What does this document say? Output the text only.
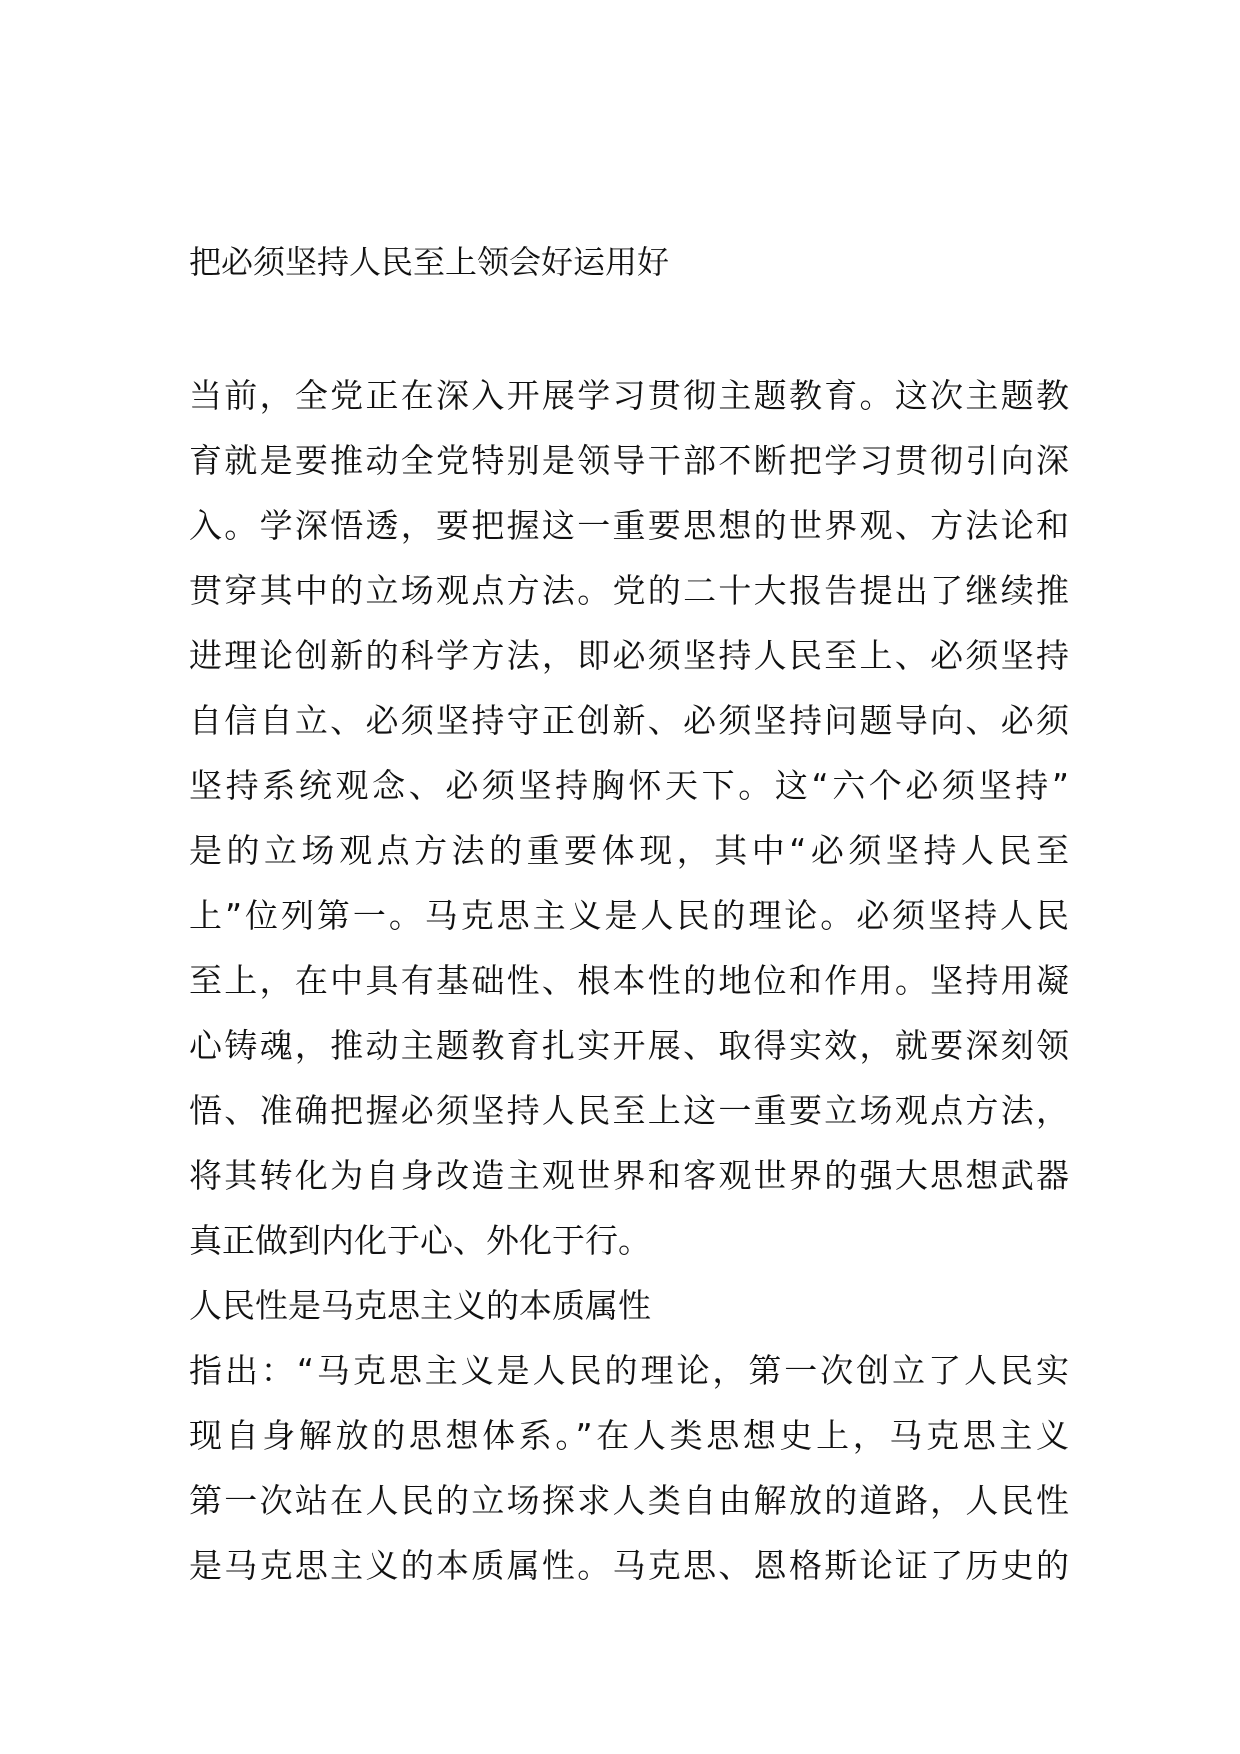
把必须坚持人民至上领会好运用好
当前，全党正在深入开展学习贯彻主题教育。这次主题教
育就是要推动全党特别是领导干部不断把学习贯彻引向深
入。学深悟透，要把握这一重要思想的世界观、方法论和
贯穿其中的立场观点方法。党的二十大报告提出了继续推
进理论创新的科学方法，即必须坚持人民至上、必须坚持
自信自立、必须坚持守正创新、必须坚持问题导向、必须
坚持系统观念、必须坚持胸怀天下。这“六个必须坚持”
是的立场观点方法的重要体现，其中“必须坚持人民至
上”位列第一。马克思主义是人民的理论。必须坚持人民
至上，在中具有基础性、根本性的地位和作用。坚持用凝
心铸魂，推动主题教育扎实开展、取得实效，就要深刻领
悟、准确把握必须坚持人民至上这一重要立场观点方法，
将其转化为自身改造主观世界和客观世界的强大思想武器
真正做到内化于心、外化于行。
人民性是马克思主义的本质属性
指出：“马克思主义是人民的理论，第一次创立了人民实
现自身解放的思想体系。”在人类思想史上，马克思主义
第一次站在人民的立场探求人类自由解放的道路，人民性
是马克思主义的本质属性。马克思、恩格斯论证了历史的
